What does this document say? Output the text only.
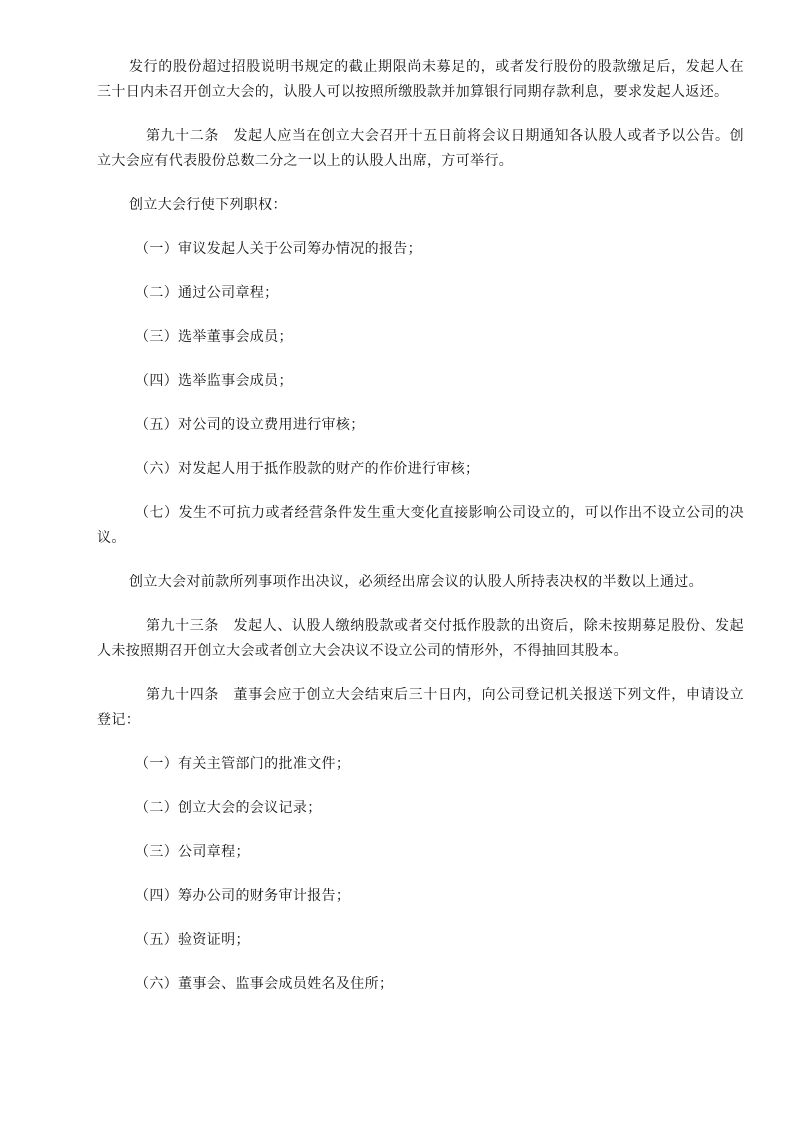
发行的股份超过招股说明书规定的截止期限尚未募足的，或者发行股份的股款缴足后，发起人在三十日内未召开创立大会的，认股人可以按照所缴股款并加算银行同期存款利息，要求发起人返还。

第九十二条　发起人应当在创立大会召开十五日前将会议日期通知各认股人或者予以公告。创立大会应有代表股份总数二分之一以上的认股人出席，方可举行。

创立大会行使下列职权：

（一）审议发起人关于公司筹办情况的报告；

（二）通过公司章程；

（三）选举董事会成员；

（四）选举监事会成员；

（五）对公司的设立费用进行审核；

（六）对发起人用于抵作股款的财产的作价进行审核；

（七）发生不可抗力或者经营条件发生重大变化直接影响公司设立的，可以作出不设立公司的决议。

创立大会对前款所列事项作出决议，必须经出席会议的认股人所持表决权的半数以上通过。

第九十三条　发起人、认股人缴纳股款或者交付抵作股款的出资后，除未按期募足股份、发起人未按照期召开创立大会或者创立大会决议不设立公司的情形外，不得抽回其股本。

第九十四条　董事会应于创立大会结束后三十日内，向公司登记机关报送下列文件，申请设立登记：

（一）有关主管部门的批准文件；

（二）创立大会的会议记录；

（三）公司章程；

（四）筹办公司的财务审计报告；

（五）验资证明；

（六）董事会、监事会成员姓名及住所；
